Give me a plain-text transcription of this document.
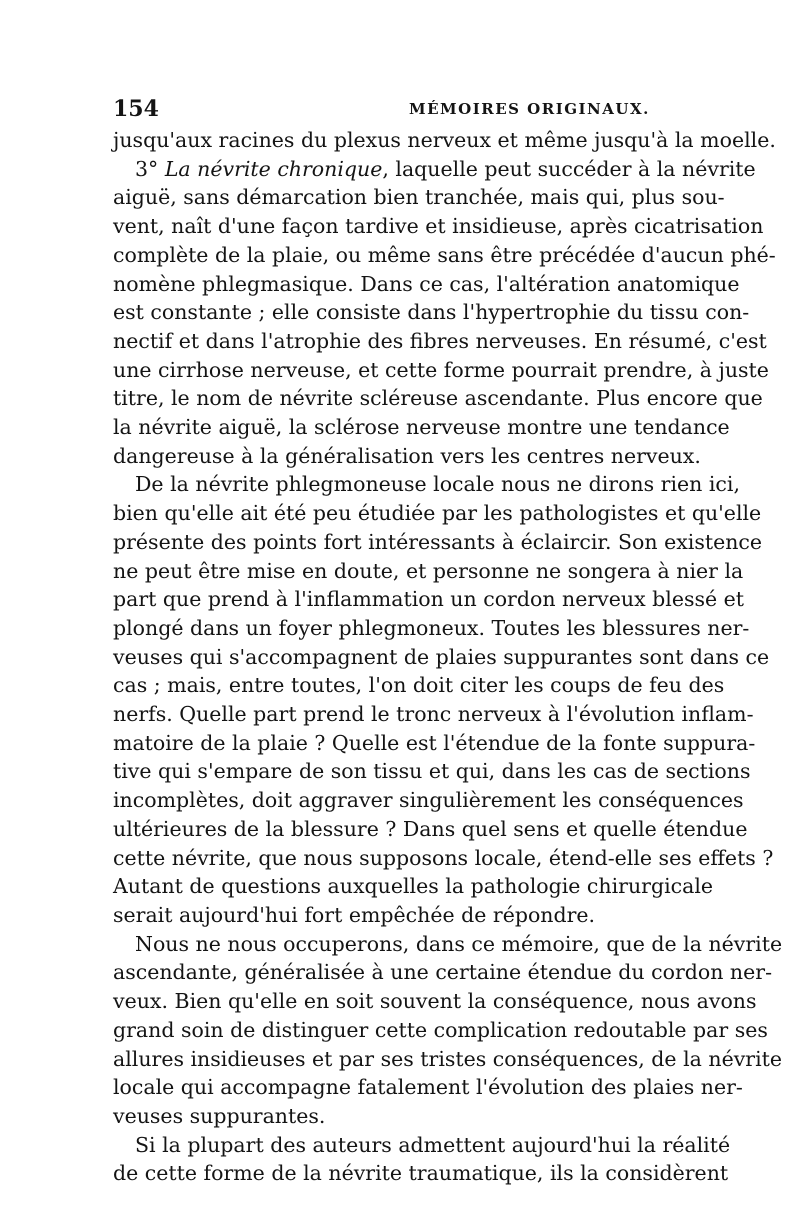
154	MÉMOIRES ORIGINAUX.
jusqu'aux racines du plexus nerveux et même jusqu'à la moelle.
3° La névrite chronique, laquelle peut succéder à la névrite
aiguë, sans démarcation bien tranchée, mais qui, plus sou-
vent, naît d'une façon tardive et insidieuse, après cicatrisation
complète de la plaie, ou même sans être précédée d'aucun phé-
nomène phlegmasique. Dans ce cas, l'altération anatomique
est constante ; elle consiste dans l'hypertrophie du tissu con-
nectif et dans l'atrophie des fibres nerveuses. En résumé, c'est
une cirrhose nerveuse, et cette forme pourrait prendre, à juste
titre, le nom de névrite scléreuse ascendante. Plus encore que
la névrite aiguë, la sclérose nerveuse montre une tendance
dangereuse à la généralisation vers les centres nerveux.
De la névrite phlegmoneuse locale nous ne dirons rien ici,
bien qu'elle ait été peu étudiée par les pathologistes et qu'elle
présente des points fort intéressants à éclaircir. Son existence
ne peut être mise en doute, et personne ne songera à nier la
part que prend à l'inflammation un cordon nerveux blessé et
plongé dans un foyer phlegmoneux. Toutes les blessures ner-
veuses qui s'accompagnent de plaies suppurantes sont dans ce
cas ; mais, entre toutes, l'on doit citer les coups de feu des
nerfs. Quelle part prend le tronc nerveux à l'évolution inflam-
matoire de la plaie ? Quelle est l'étendue de la fonte suppura-
tive qui s'empare de son tissu et qui, dans les cas de sections
incomplètes, doit aggraver singulièrement les conséquences
ultérieures de la blessure ? Dans quel sens et quelle étendue
cette névrite, que nous supposons locale, étend-elle ses effets ?
Autant de questions auxquelles la pathologie chirurgicale
serait aujourd'hui fort empêchée de répondre.
Nous ne nous occuperons, dans ce mémoire, que de la névrite
ascendante, généralisée à une certaine étendue du cordon ner-
veux. Bien qu'elle en soit souvent la conséquence, nous avons
grand soin de distinguer cette complication redoutable par ses
allures insidieuses et par ses tristes conséquences, de la névrite
locale qui accompagne fatalement l'évolution des plaies ner-
veuses suppurantes.
Si la plupart des auteurs admettent aujourd'hui la réalité
de cette forme de la névrite traumatique, ils la considèrent
